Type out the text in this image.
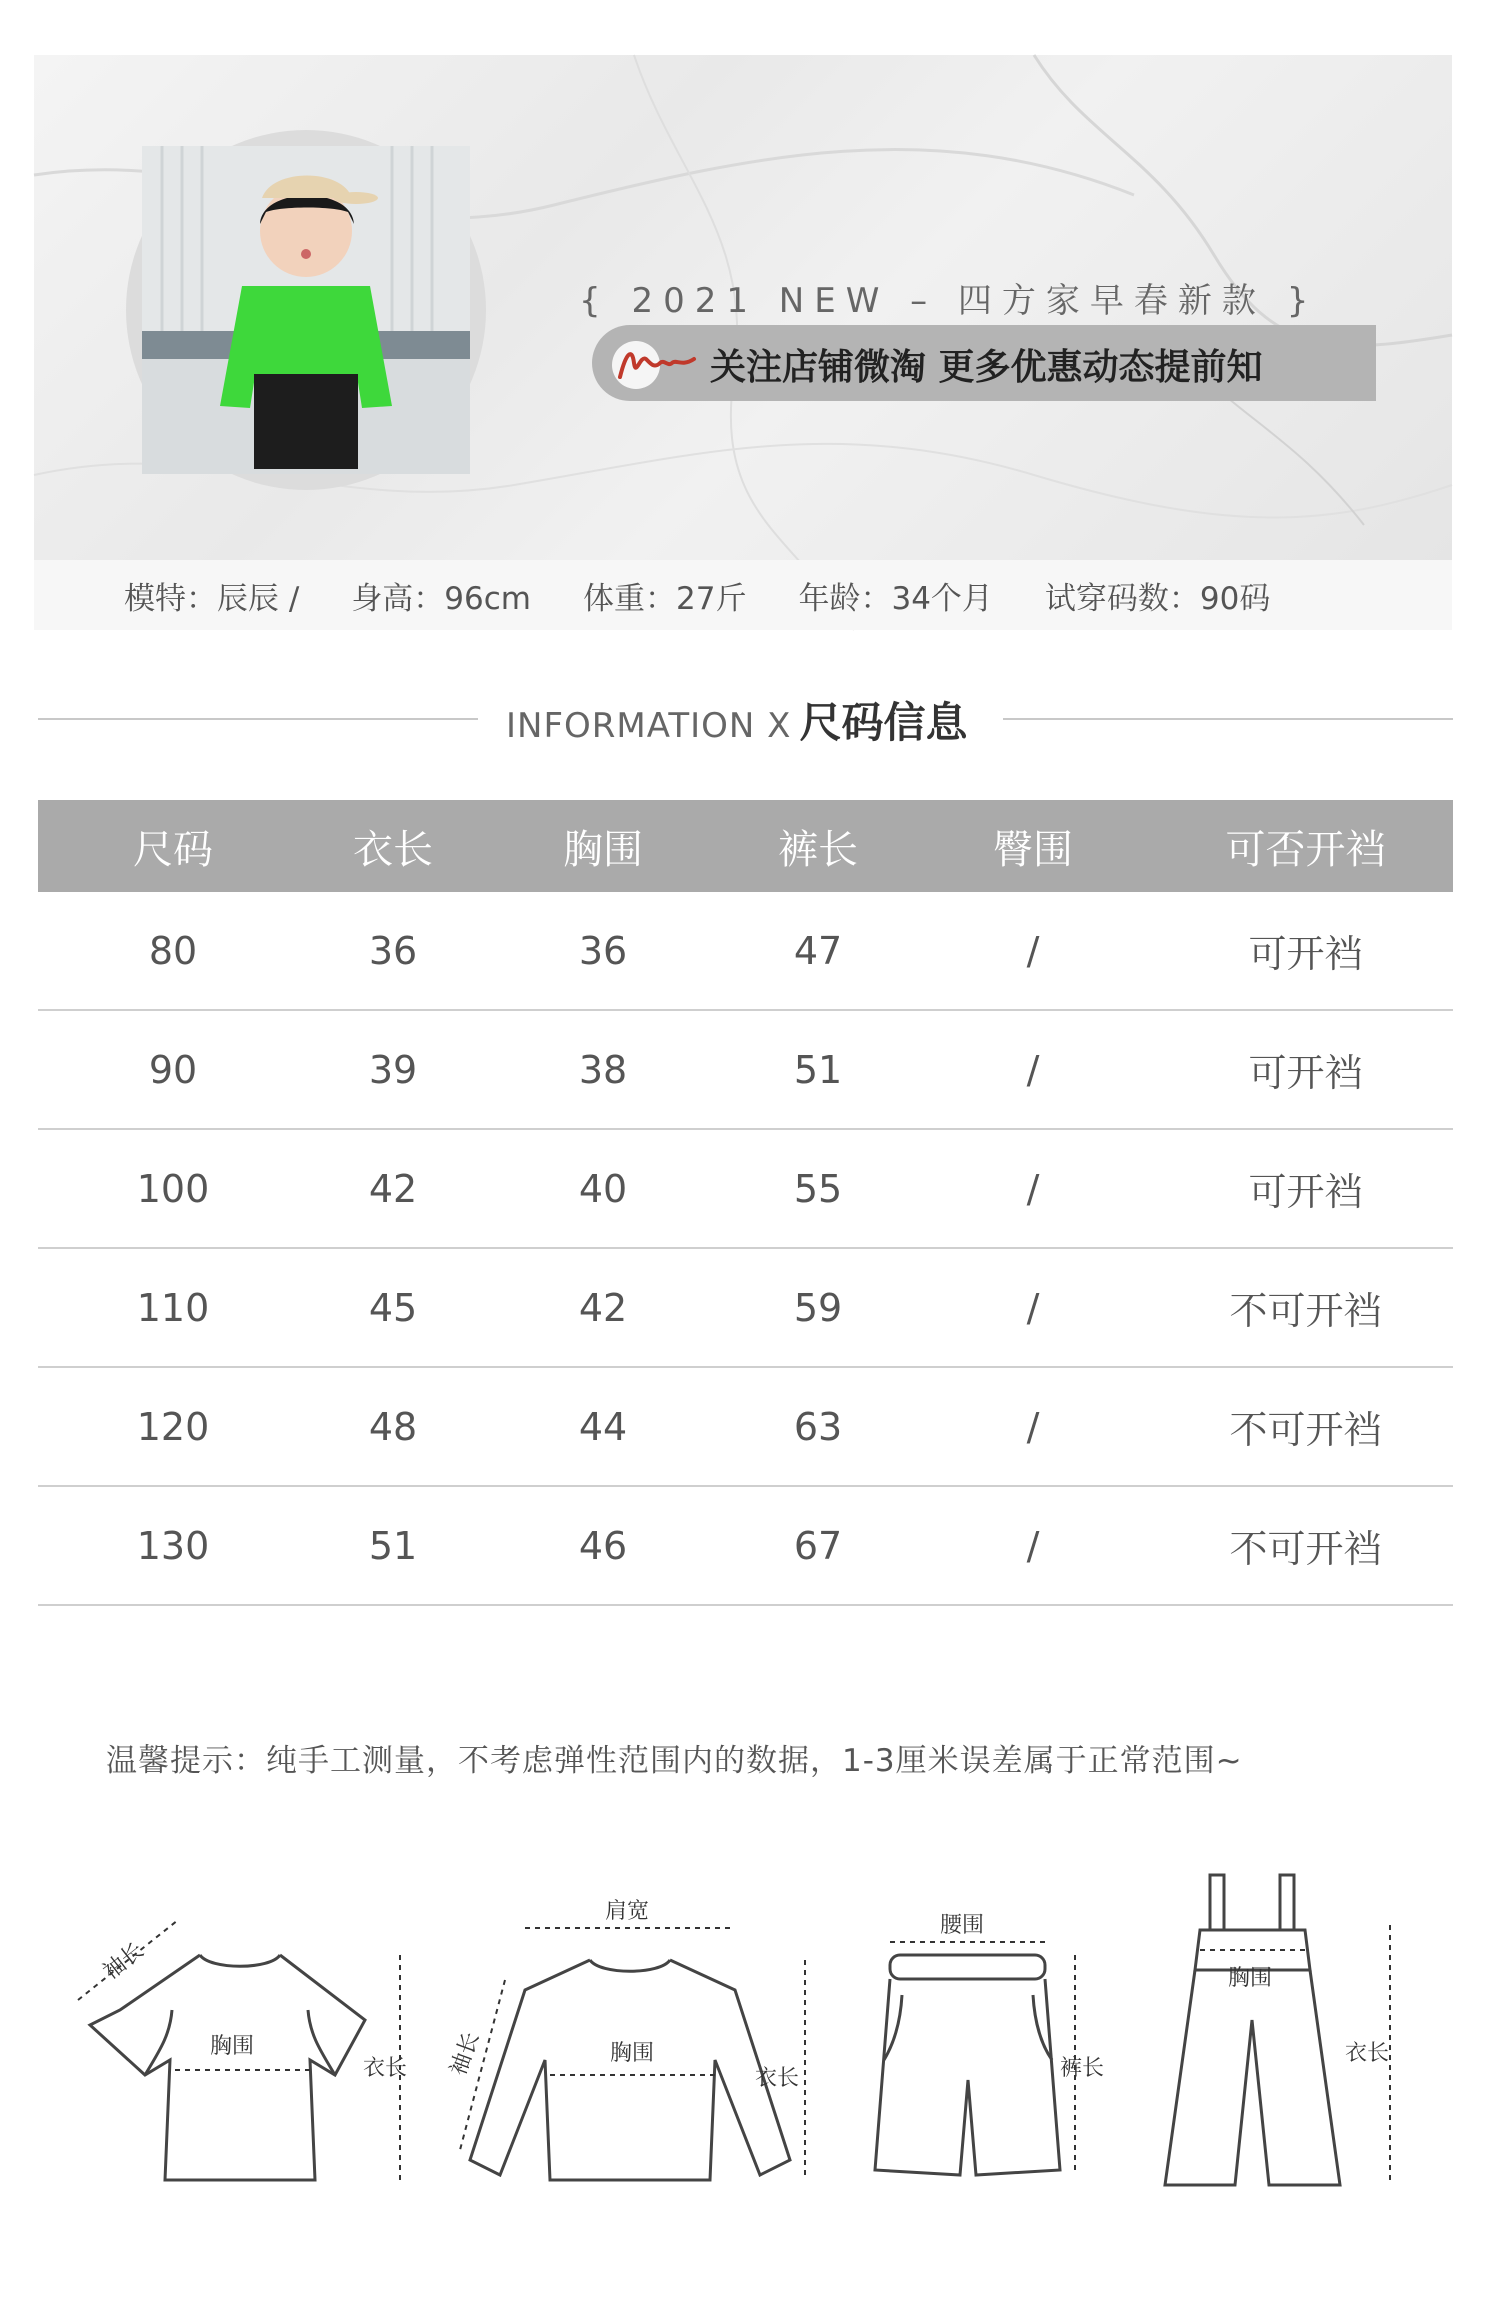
{ 2021 NEW – 四方家早春新款 }
关注店铺微淘 更多优惠动态提前知
模特：辰辰 / 身高：96cm 体重：27斤 年龄：34个月 试穿码数：90码
INFORMATION X 尺码信息
尺码	衣长	胸围	裤长	臀围	可否开裆
80	36	36	47	/	可开裆
90	39	38	51	/	可开裆
100	42	40	55	/	可开裆
110	45	42	59	/	不可开裆
120	48	44	63	/	不可开裆
130	51	46	67	/	不可开裆
温馨提示：纯手工测量，不考虑弹性范围内的数据，1-3厘米误差属于正常范围~
袖长
胸围
衣长
肩宽
袖长	胸围
衣长
腰围
裤长
胸围
衣长
